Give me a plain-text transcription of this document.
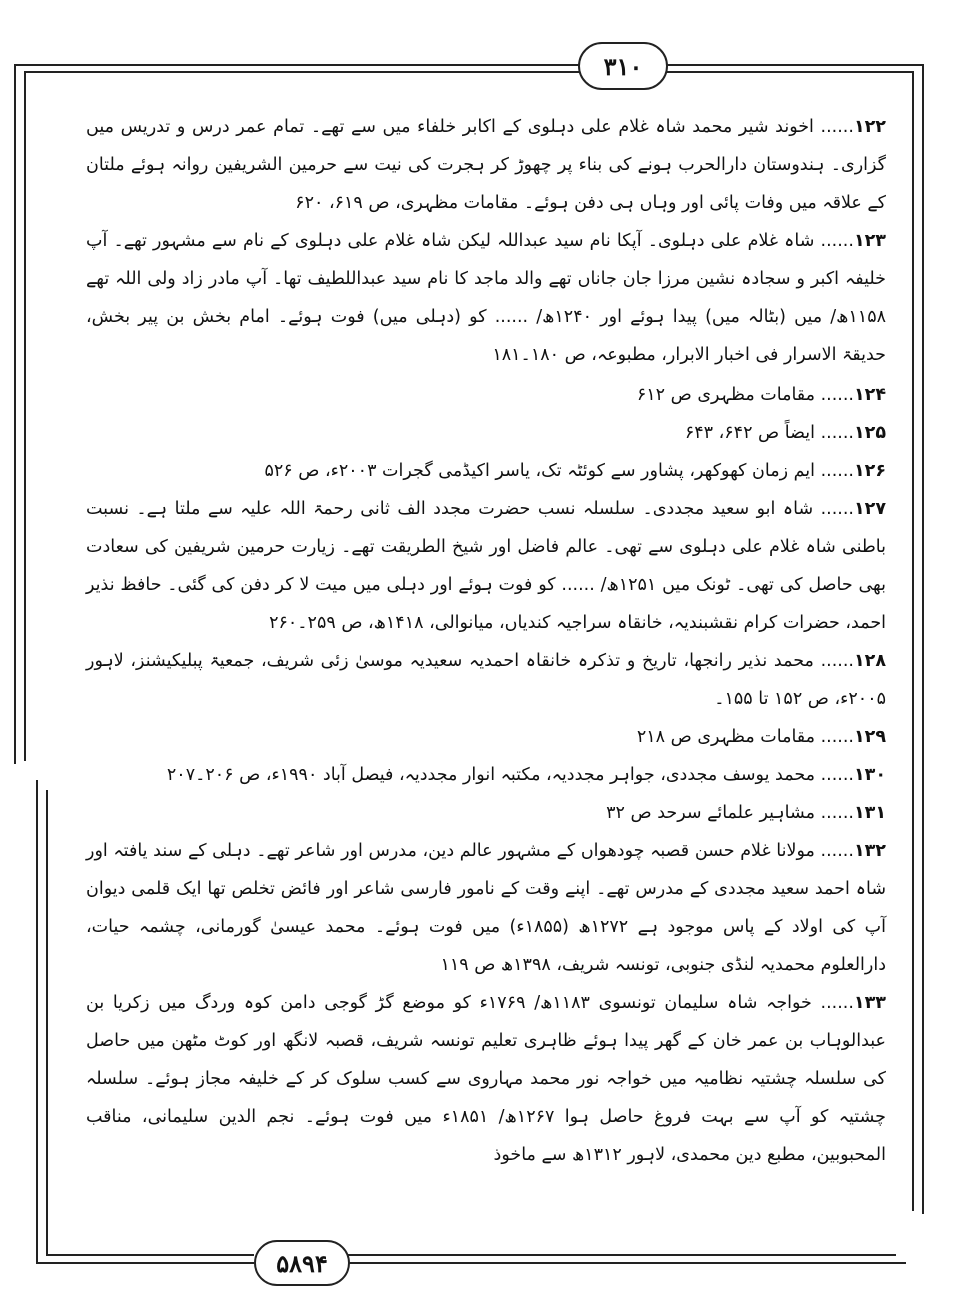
۳۱۰

۱۲۲...... اخوند شیر محمد شاہ غلام علی دہلوی کے اکابر خلفاء میں سے تھے۔ تمام عمر درس و تدریس میں گزاری۔ ہندوستان دارالحرب ہونے کی بناء پر چھوڑ کر ہجرت کی نیت سے حرمین الشریفین روانہ ہوئے ملتان کے علاقہ میں وفات پائی اور وہاں ہی دفن ہوئے۔ مقامات مظہری، ص ۶۱۹، ۶۲۰

۱۲۳...... شاہ غلام علی دہلوی۔ آپکا نام سید عبداللہ لیکن شاہ غلام علی دہلوی کے نام سے مشہور تھے۔ آپ خلیفہ اکبر و سجادہ نشین مرزا جان جاناں تھے والد ماجد کا نام سید عبداللطیف تھا۔ آپ مادر زاد ولی اللہ تھے ۱۱۵۸ھ/ میں (بٹالہ میں) پیدا ہوئے اور ۱۲۴۰ھ/ ...... کو (دہلی میں) فوت ہوئے۔ امام بخش بن پیر بخش، حدیقۃ الاسرار فی اخبار الابرار، مطبوعہ، ص ۱۸۰۔۱۸۱

۱۲۴...... مقامات مظہری ص ۶۱۲

۱۲۵...... ایضاً ص ۶۴۲، ۶۴۳

۱۲۶...... ایم زمان کھوکھر، پشاور سے کوئٹہ تک، یاسر اکیڈمی گجرات ۲۰۰۳ء، ص ۵۲۶

۱۲۷...... شاہ ابو سعید مجددی۔ سلسلہ نسب حضرت مجدد الف ثانی رحمۃ اللہ علیہ سے ملتا ہے۔ نسبت باطنی شاہ غلام علی دہلوی سے تھی۔ عالم فاضل اور شیخ الطریقت تھے۔ زیارت حرمین شریفین کی سعادت بھی حاصل کی تھی۔ ٹونک میں ۱۲۵۱ھ/ ...... کو فوت ہوئے اور دہلی میں میت لا کر دفن کی گئی۔ حافظ نذیر احمد، حضرات کرام نقشبندیہ، خانقاہ سراجیہ کندیاں، میانوالی، ۱۴۱۸ھ، ص ۲۵۹۔۲۶۰

۱۲۸...... محمد نذیر رانجھا، تاریخ و تذکرہ خانقاہ احمدیہ سعیدیہ موسیٰ زئی شریف، جمعیۃ پبلیکیشنز، لاہور ۲۰۰۵ء، ص ۱۵۲ تا ۱۵۵۔

۱۲۹...... مقامات مظہری ص ۲۱۸

۱۳۰...... محمد یوسف مجددی، جواہر مجددیہ، مکتبہ انوار مجددیہ، فیصل آباد ۱۹۹۰ء، ص ۲۰۶۔۲۰۷

۱۳۱...... مشاہیر علمائے سرحد ص ۳۲

۱۳۲...... مولانا غلام حسن قصبہ چودھواں کے مشہور عالم دین، مدرس اور شاعر تھے۔ دہلی کے سند یافتہ اور شاہ احمد سعید مجددی کے مدرس تھے۔ اپنے وقت کے نامور فارسی شاعر اور فائض تخلص تھا ایک قلمی دیوان آپ کی اولاد کے پاس موجود ہے ۱۲۷۲ھ (۱۸۵۵ء) میں فوت ہوئے۔ محمد عیسیٰ گورمانی، چشمہ حیات، دارالعلوم محمدیہ لنڈی جنوبی، تونسہ شریف، ۱۳۹۸ھ ص ۱۱۹

۱۳۳...... خواجہ شاہ سلیمان تونسوی ۱۱۸۳ھ/ ۱۷۶۹ء کو موضع گڑ گوجی دامن کوہ وردگ میں زکریا بن عبدالوہاب بن عمر خان کے گھر پیدا ہوئے ظاہری تعلیم تونسہ شریف، قصبہ لانگھ اور کوٹ مٹھن میں حاصل کی سلسلہ چشتیہ نظامیہ میں خواجہ نور محمد مہاروی سے کسب سلوک کر کے خلیفہ مجاز ہوئے۔ سلسلہ چشتیہ کو آپ سے بہت فروغ حاصل ہوا ۱۲۶۷ھ/ ۱۸۵۱ء میں فوت ہوئے۔ نجم الدین سلیمانی، مناقب المحبوبین، مطبع دین محمدی، لاہور ۱۳۱۲ھ سے ماخوذ

۵۸۹۴
